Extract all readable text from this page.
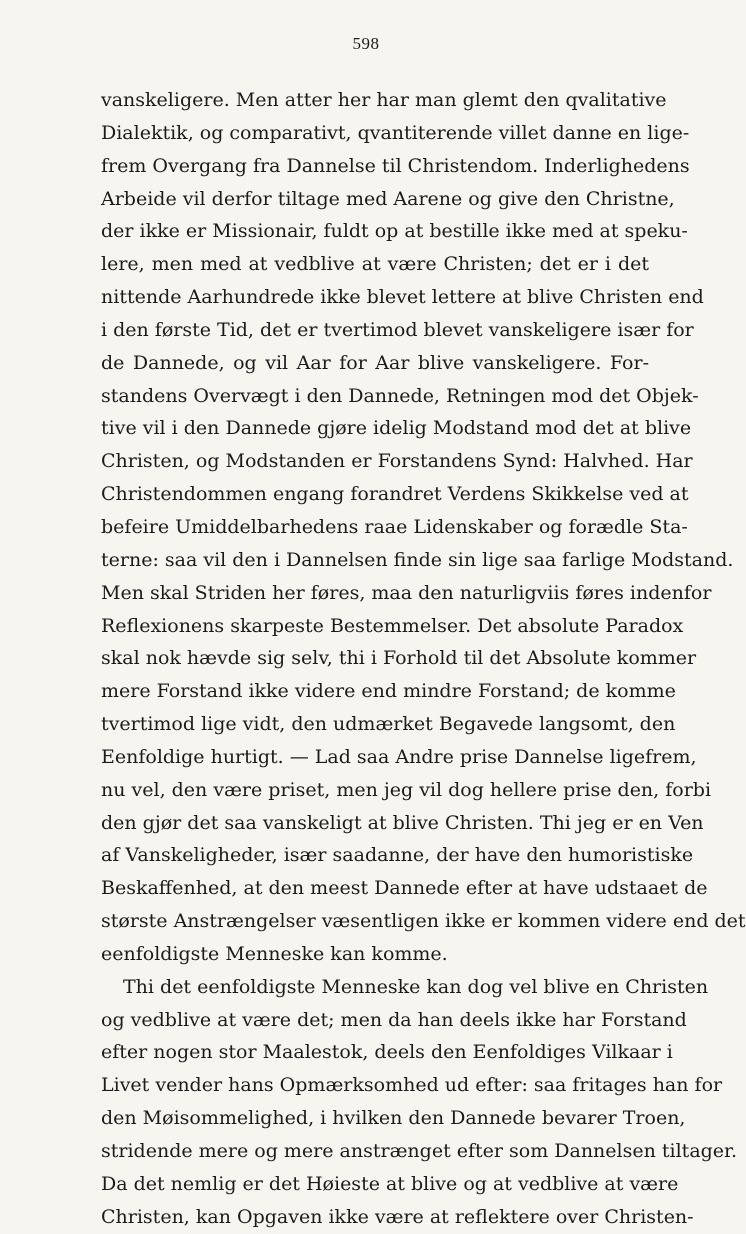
598
vanskeligere. Men atter her har man glemt den qvalitative
Dialektik, og comparativt, qvantiterende villet danne en lige-
frem Overgang fra Dannelse til Christendom. Inderlighedens
Arbeide vil derfor tiltage med Aarene og give den Christne,
der ikke er Missionair, fuldt op at bestille ikke med at speku-
lere, men med at vedblive at være Christen; det er i det
nittende Aarhundrede ikke blevet lettere at blive Christen end
i den første Tid, det er tvertimod blevet vanskeligere især for
de Dannede, og vil Aar for Aar blive vanskeligere. For-
standens Overvægt i den Dannede, Retningen mod det Objek-
tive vil i den Dannede gjøre idelig Modstand mod det at blive
Christen, og Modstanden er Forstandens Synd: Halvhed. Har
Christendommen engang forandret Verdens Skikkelse ved at
befeire Umiddelbarhedens raae Lidenskaber og forædle Sta-
terne: saa vil den i Dannelsen finde sin lige saa farlige Modstand.
Men skal Striden her føres, maa den naturligviis føres indenfor
Reflexionens skarpeste Bestemmelser. Det absolute Paradox
skal nok hævde sig selv, thi i Forhold til det Absolute kommer
mere Forstand ikke videre end mindre Forstand; de komme
tvertimod lige vidt, den udmærket Begavede langsomt, den
Eenfoldige hurtigt. — Lad saa Andre prise Dannelse ligefrem,
nu vel, den være priset, men jeg vil dog hellere prise den, forbi
den gjør det saa vanskeligt at blive Christen. Thi jeg er en Ven
af Vanskeligheder, især saadanne, der have den humoristiske
Beskaffenhed, at den meest Dannede efter at have udstaaet de
største Anstrængelser væsentligen ikke er kommen videre end det
eenfoldigste Menneske kan komme.
Thi det eenfoldigste Menneske kan dog vel blive en Christen
og vedblive at være det; men da han deels ikke har Forstand
efter nogen stor Maalestok, deels den Eenfoldiges Vilkaar i
Livet vender hans Opmærksomhed ud efter: saa fritages han for
den Møisommelighed, i hvilken den Dannede bevarer Troen,
stridende mere og mere anstrænget efter som Dannelsen tiltager.
Da det nemlig er det Høieste at blive og at vedblive at være
Christen, kan Opgaven ikke være at reflektere over Christen-
